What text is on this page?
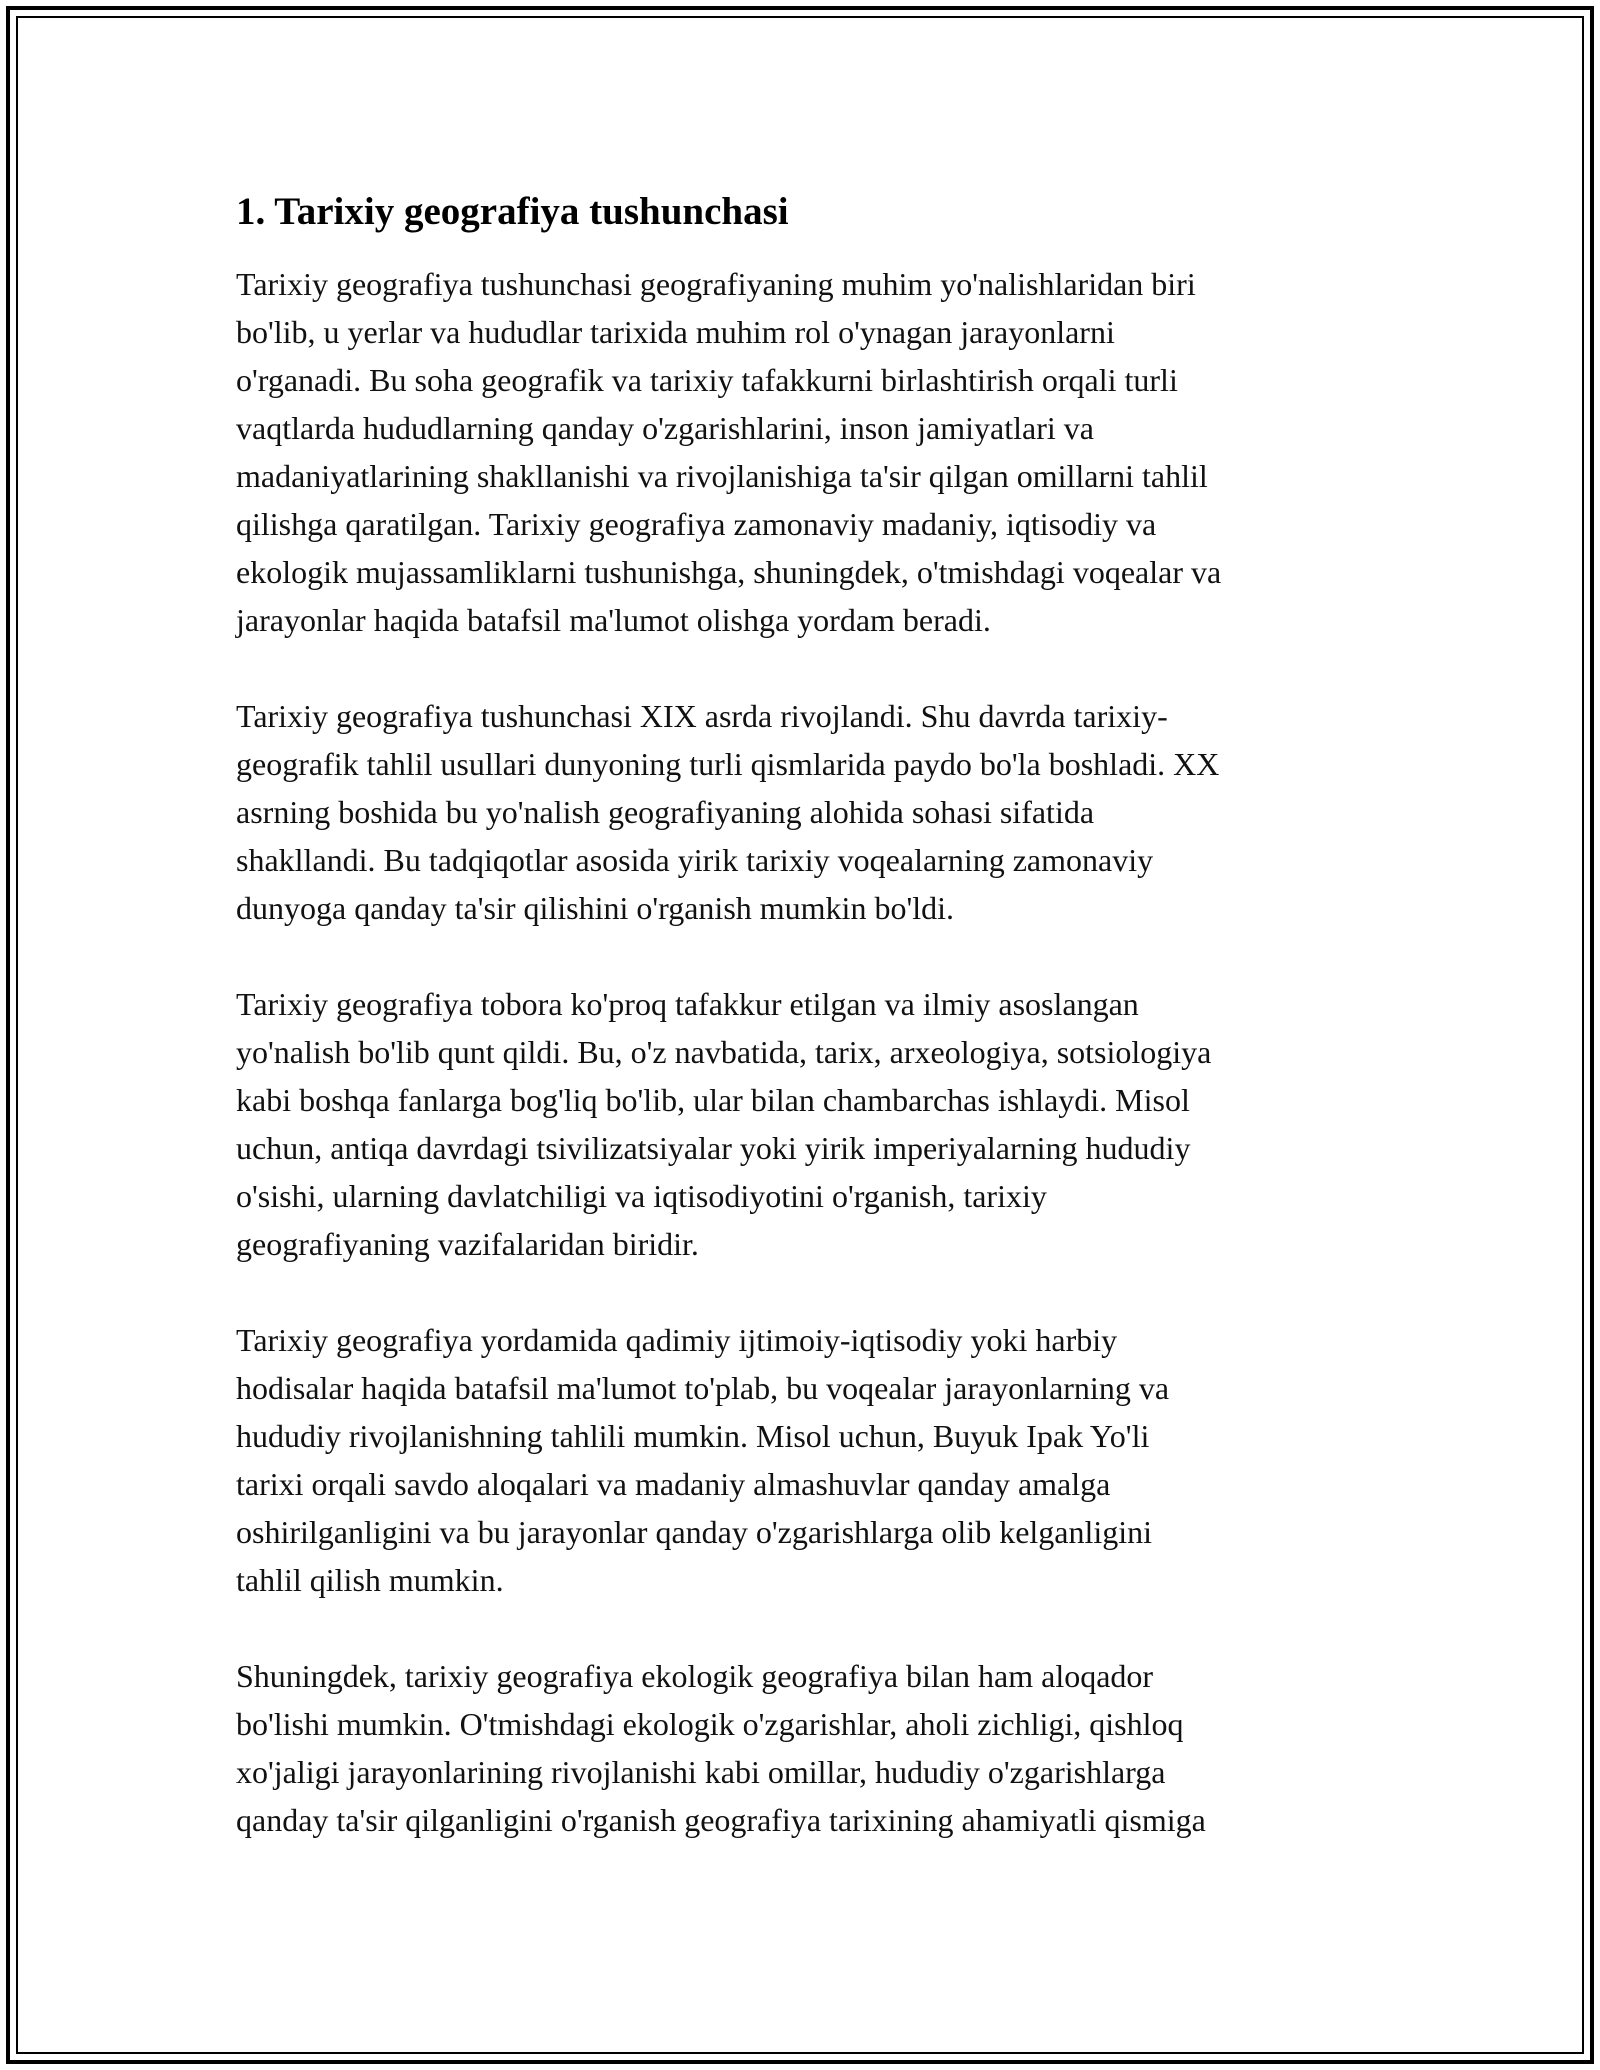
1. Tarixiy geografiya tushunchasi
Tarixiy geografiya tushunchasi geografiyaning muhim yo'nalishlaridan biri
bo'lib, u yerlar va hududlar tarixida muhim rol o'ynagan jarayonlarni
o'rganadi. Bu soha geografik va tarixiy tafakkurni birlashtirish orqali turli
vaqtlarda hududlarning qanday o'zgarishlarini, inson jamiyatlari va
madaniyatlarining shakllanishi va rivojlanishiga ta'sir qilgan omillarni tahlil
qilishga qaratilgan. Tarixiy geografiya zamonaviy madaniy, iqtisodiy va
ekologik mujassamliklarni tushunishga, shuningdek, o'tmishdagi voqealar va
jarayonlar haqida batafsil ma'lumot olishga yordam beradi.
Tarixiy geografiya tushunchasi XIX asrda rivojlandi. Shu davrda tarixiy-
geografik tahlil usullari dunyoning turli qismlarida paydo bo'la boshladi. XX
asrning boshida bu yo'nalish geografiyaning alohida sohasi sifatida
shakllandi. Bu tadqiqotlar asosida yirik tarixiy voqealarning zamonaviy
dunyoga qanday ta'sir qilishini o'rganish mumkin bo'ldi.
Tarixiy geografiya tobora ko'proq tafakkur etilgan va ilmiy asoslangan
yo'nalish bo'lib qunt qildi. Bu, o'z navbatida, tarix, arxeologiya, sotsiologiya
kabi boshqa fanlarga bog'liq bo'lib, ular bilan chambarchas ishlaydi. Misol
uchun, antiqa davrdagi tsivilizatsiyalar yoki yirik imperiyalarning hududiy
o'sishi, ularning davlatchiligi va iqtisodiyotini o'rganish, tarixiy
geografiyaning vazifalaridan biridir.
Tarixiy geografiya yordamida qadimiy ijtimoiy-iqtisodiy yoki harbiy
hodisalar haqida batafsil ma'lumot to'plab, bu voqealar jarayonlarning va
hududiy rivojlanishning tahlili mumkin. Misol uchun, Buyuk Ipak Yo'li
tarixi orqali savdo aloqalari va madaniy almashuvlar qanday amalga
oshirilganligini va bu jarayonlar qanday o'zgarishlarga olib kelganligini
tahlil qilish mumkin.
Shuningdek, tarixiy geografiya ekologik geografiya bilan ham aloqador
bo'lishi mumkin. O'tmishdagi ekologik o'zgarishlar, aholi zichligi, qishloq
xo'jaligi jarayonlarining rivojlanishi kabi omillar, hududiy o'zgarishlarga
qanday ta'sir qilganligini o'rganish geografiya tarixining ahamiyatli qismiga
